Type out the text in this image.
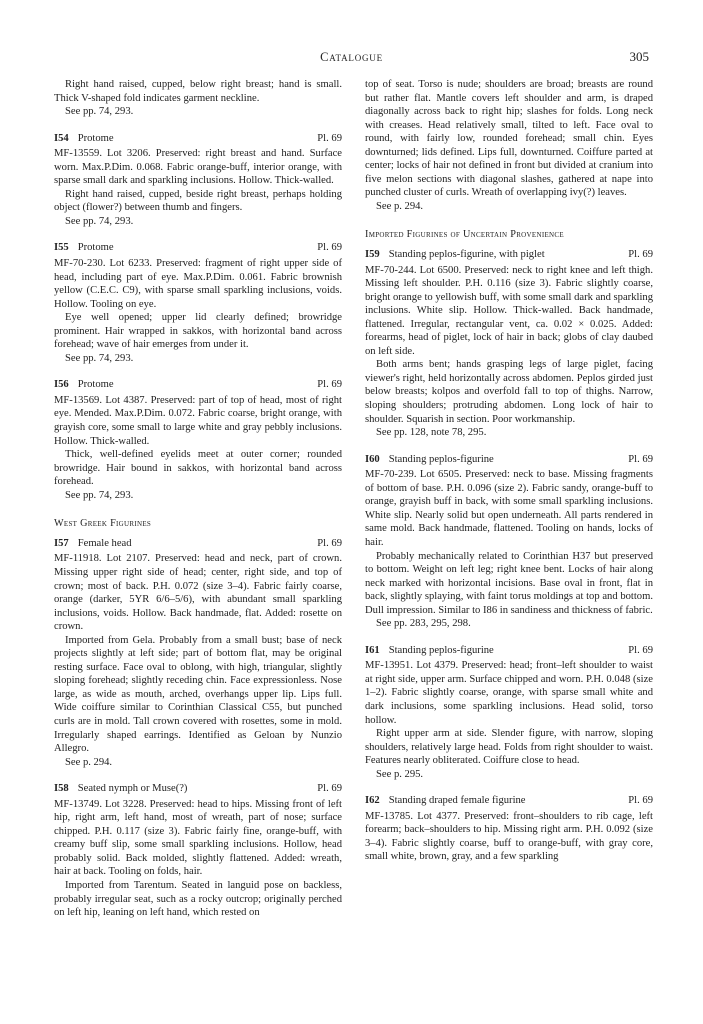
Catalogue	305

Right hand raised, cupped, below right breast; hand is small. Thick V-shaped fold indicates garment neckline.

See pp. 74, 293.
I54 Protome	Pl. 69

MF-13559. Lot 3206. Preserved: right breast and hand. Surface worn. Max.P.Dim. 0.068. Fabric orange-buff, interior orange, with sparse small dark and sparkling inclusions. Hollow. Thick-walled.

Right hand raised, cupped, beside right breast, perhaps holding object (flower?) between thumb and fingers.

See pp. 74, 293.
I55 Protome	Pl. 69

MF-70-230. Lot 6233. Preserved: fragment of right upper side of head, including part of eye. Max.P.Dim. 0.061. Fabric brownish yellow (C.E.C. C9), with sparse small sparkling inclusions, voids. Hollow. Tooling on eye.

Eye well opened; upper lid clearly defined; browridge prominent. Hair wrapped in sakkos, with horizontal band across forehead; wave of hair emerges from under it.

See pp. 74, 293.
I56 Protome	Pl. 69

MF-13569. Lot 4387. Preserved: part of top of head, most of right eye. Mended. Max.P.Dim. 0.072. Fabric coarse, bright orange, with grayish core, some small to large white and gray pebbly inclusions. Hollow. Thick-walled.

Thick, well-defined eyelids meet at outer corner; rounded browridge. Hair bound in sakkos, with horizontal band across forehead.

See pp. 74, 293.
West Greek Figurines
I57 Female head	Pl. 69

MF-11918. Lot 2107. Preserved: head and neck, part of crown. Missing upper right side of head; center, right side, and top of crown; most of back. P.H. 0.072 (size 3–4). Fabric fairly coarse, orange (darker, 5YR 6/6–5/6), with abundant small sparkling inclusions, voids. Hollow. Back handmade, flat. Added: rosette on crown.

Imported from Gela. Probably from a small bust; base of neck projects slightly at left side; part of bottom flat, may be original resting surface. Face oval to oblong, with high, triangular, slightly sloping forehead; slightly receding chin. Face expressionless. Nose large, as wide as mouth, arched, overhangs upper lip. Lips full. Wide coiffure similar to Corinthian Classical C55, but punched curls are in mold. Tall crown covered with rosettes, some in mold. Irregularly shaped earrings. Identified as Geloan by Nunzio Allegro.

See p. 294.
I58 Seated nymph or Muse(?)	Pl. 69

MF-13749. Lot 3228. Preserved: head to hips. Missing front of left hip, right arm, left hand, most of wreath, part of nose; surface chipped. P.H. 0.117 (size 3). Fabric fairly fine, orange-buff, with creamy buff slip, some small sparkling inclusions. Hollow, head probably solid. Back molded, slightly flattened. Added: wreath, hair at back. Tooling on folds, hair.

Imported from Tarentum. Seated in languid pose on backless, probably irregular seat, such as a rocky outcrop; originally perched on left hip, leaning on left hand, which rested on

top of seat. Torso is nude; shoulders are broad; breasts are round but rather flat. Mantle covers left shoulder and arm, is draped diagonally across back to right hip; slashes for folds. Long neck with creases. Head relatively small, tilted to left. Face oval to round, with fairly low, rounded forehead; small chin. Eyes downturned; lids defined. Lips full, downturned. Coiffure parted at center; locks of hair not defined in front but divided at cranium into five melon sections with diagonal slashes, gathered at nape into punched cluster of curls. Wreath of overlapping ivy(?) leaves.

See p. 294.
Imported Figurines of Uncertain Provenience
I59 Standing peplos-figurine, with piglet	Pl. 69

MF-70-244. Lot 6500. Preserved: neck to right knee and left thigh. Missing left shoulder. P.H. 0.116 (size 3). Fabric slightly coarse, bright orange to yellowish buff, with some small dark and sparkling inclusions. White slip. Hollow. Thick-walled. Back handmade, flattened. Irregular, rectangular vent, ca. 0.02 × 0.025. Added: forearms, head of piglet, lock of hair in back; globs of clay daubed on left side.

Both arms bent; hands grasping legs of large piglet, facing viewer's right, held horizontally across abdomen. Peplos girded just below breasts; kolpos and overfold fall to top of thighs. Narrow, sloping shoulders; protruding abdomen. Long lock of hair to shoulder. Squarish in section. Poor workmanship.

See pp. 128, note 78, 295.
I60 Standing peplos-figurine	Pl. 69

MF-70-239. Lot 6505. Preserved: neck to base. Missing fragments of bottom of base. P.H. 0.096 (size 2). Fabric sandy, orange-buff to orange, grayish buff in back, with some small sparkling inclusions. White slip. Nearly solid but open underneath. All parts rendered in same mold. Back handmade, flattened. Tooling on hands, locks of hair.

Probably mechanically related to Corinthian H37 but preserved to bottom. Weight on left leg; right knee bent. Locks of hair along neck marked with horizontal incisions. Base oval in front, flat in back, slightly splaying, with faint torus moldings at top and bottom. Dull impression. Similar to I86 in sandiness and thickness of fabric.

See pp. 283, 295, 298.
I61 Standing peplos-figurine	Pl. 69

MF-13951. Lot 4379. Preserved: head; front–left shoulder to waist at right side, upper arm. Surface chipped and worn. P.H. 0.048 (size 1–2). Fabric slightly coarse, orange, with sparse small white and dark inclusions, some sparkling inclusions. Head solid, torso hollow.

Right upper arm at side. Slender figure, with narrow, sloping shoulders, relatively large head. Folds from right shoulder to waist. Features nearly obliterated. Coiffure close to head.

See p. 295.
I62 Standing draped female figurine	Pl. 69

MF-13785. Lot 4377. Preserved: front–shoulders to rib cage, left forearm; back–shoulders to hip. Missing right arm. P.H. 0.092 (size 3–4). Fabric slightly coarse, buff to orange-buff, with gray core, small white, brown, gray, and a few sparkling
